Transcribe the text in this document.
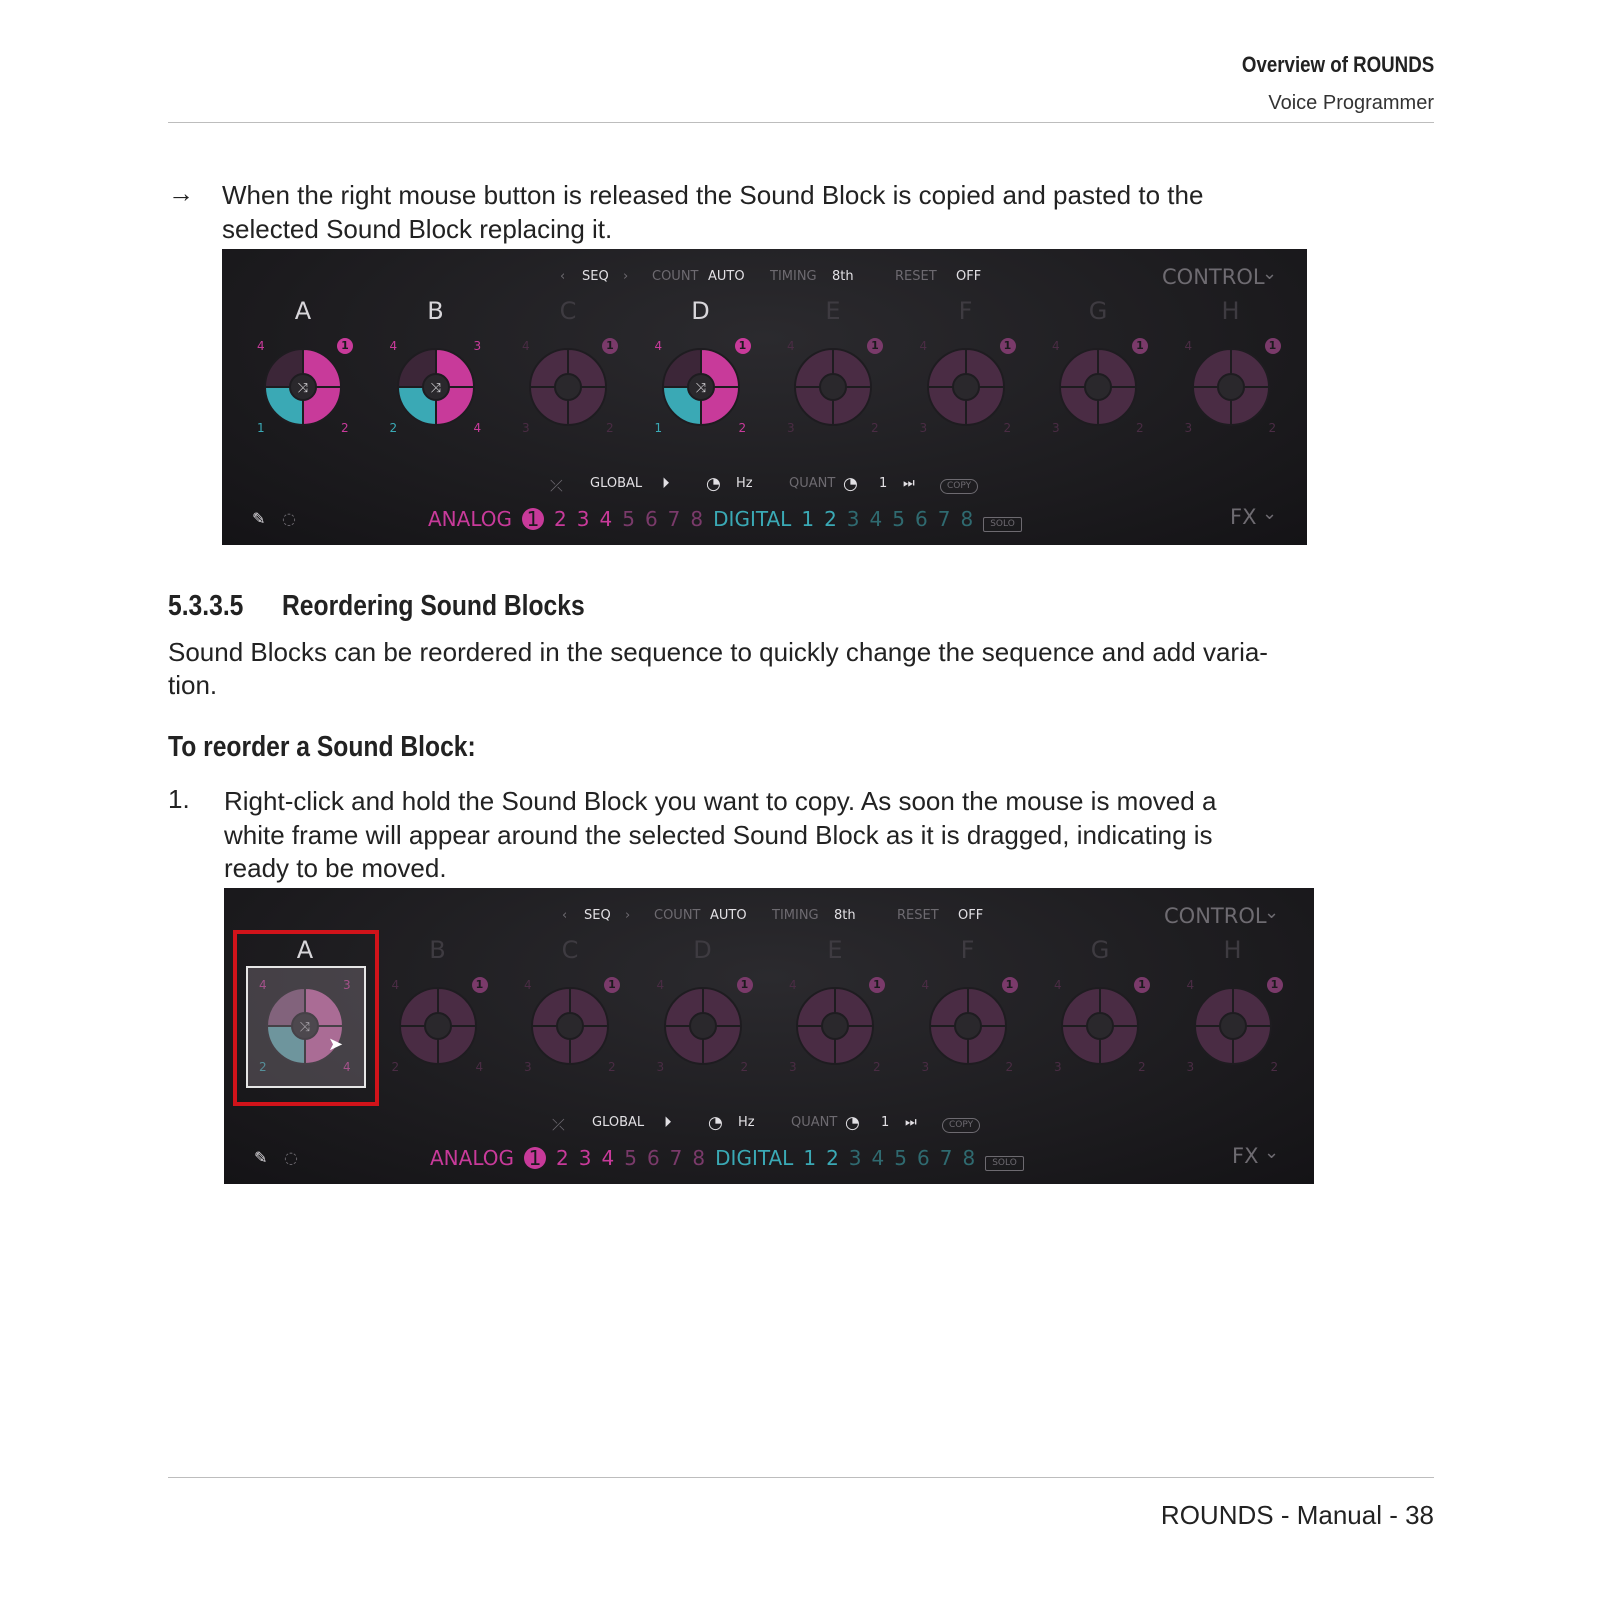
Overview of ROUNDS
Voice Programmer
→ When the right mouse button is released the Sound Block is copied and pasted to the
selected Sound Block replacing it.
‹ SEQ › COUNT AUTO TIMING 8th	RESET OFF	CONTROL
⌄
A
⤨
4
1	2
1
B
⤨
4
2	4
3
C
4
3	2
1
D
⤨
4
1	2
1
E
4
3	2
1
F
4
3	2
1
G
4
3	2
1
H
4
3	2
1
⤫ GLOBAL ⏵ ◔ Hz	QUANT ◔ 1 ⏭	COPY
✎ ◌	ANALOG 1 2 3 4 5 6 7 8 DIGITAL 1 2 3 4 5 6 7 8 SOLO	FX ⌄
5.3.3.5 Reordering Sound Blocks
Sound Blocks can be reordered in the sequence to quickly change the sequence and add varia-
tion.
To reorder a Sound Block:
1. Right-click and hold the Sound Block you want to copy. As soon the mouse is moved a
white frame will appear around the selected Sound Block as it is dragged, indicating is
ready to be moved.
‹ SEQ › COUNT AUTO TIMING 8th	RESET OFF	CONTROL
⌄
A
⤨
4
2	4
3
B
4
2	4
1
C
4
3	2
1
D
4
3	2
1
E
4
3	2
1
F
4
3	2
1
G
4
3	2
1
H
4
3	2
1
⤫ GLOBAL ⏵ ◔ Hz	QUANT ◔ 1 ⏭	COPY
✎ ◌	ANALOG 1 2 3 4 5 6 7 8 DIGITAL 1 2 3 4 5 6 7 8 SOLO	FX ⌄
➤
ROUNDS - Manual - 38
